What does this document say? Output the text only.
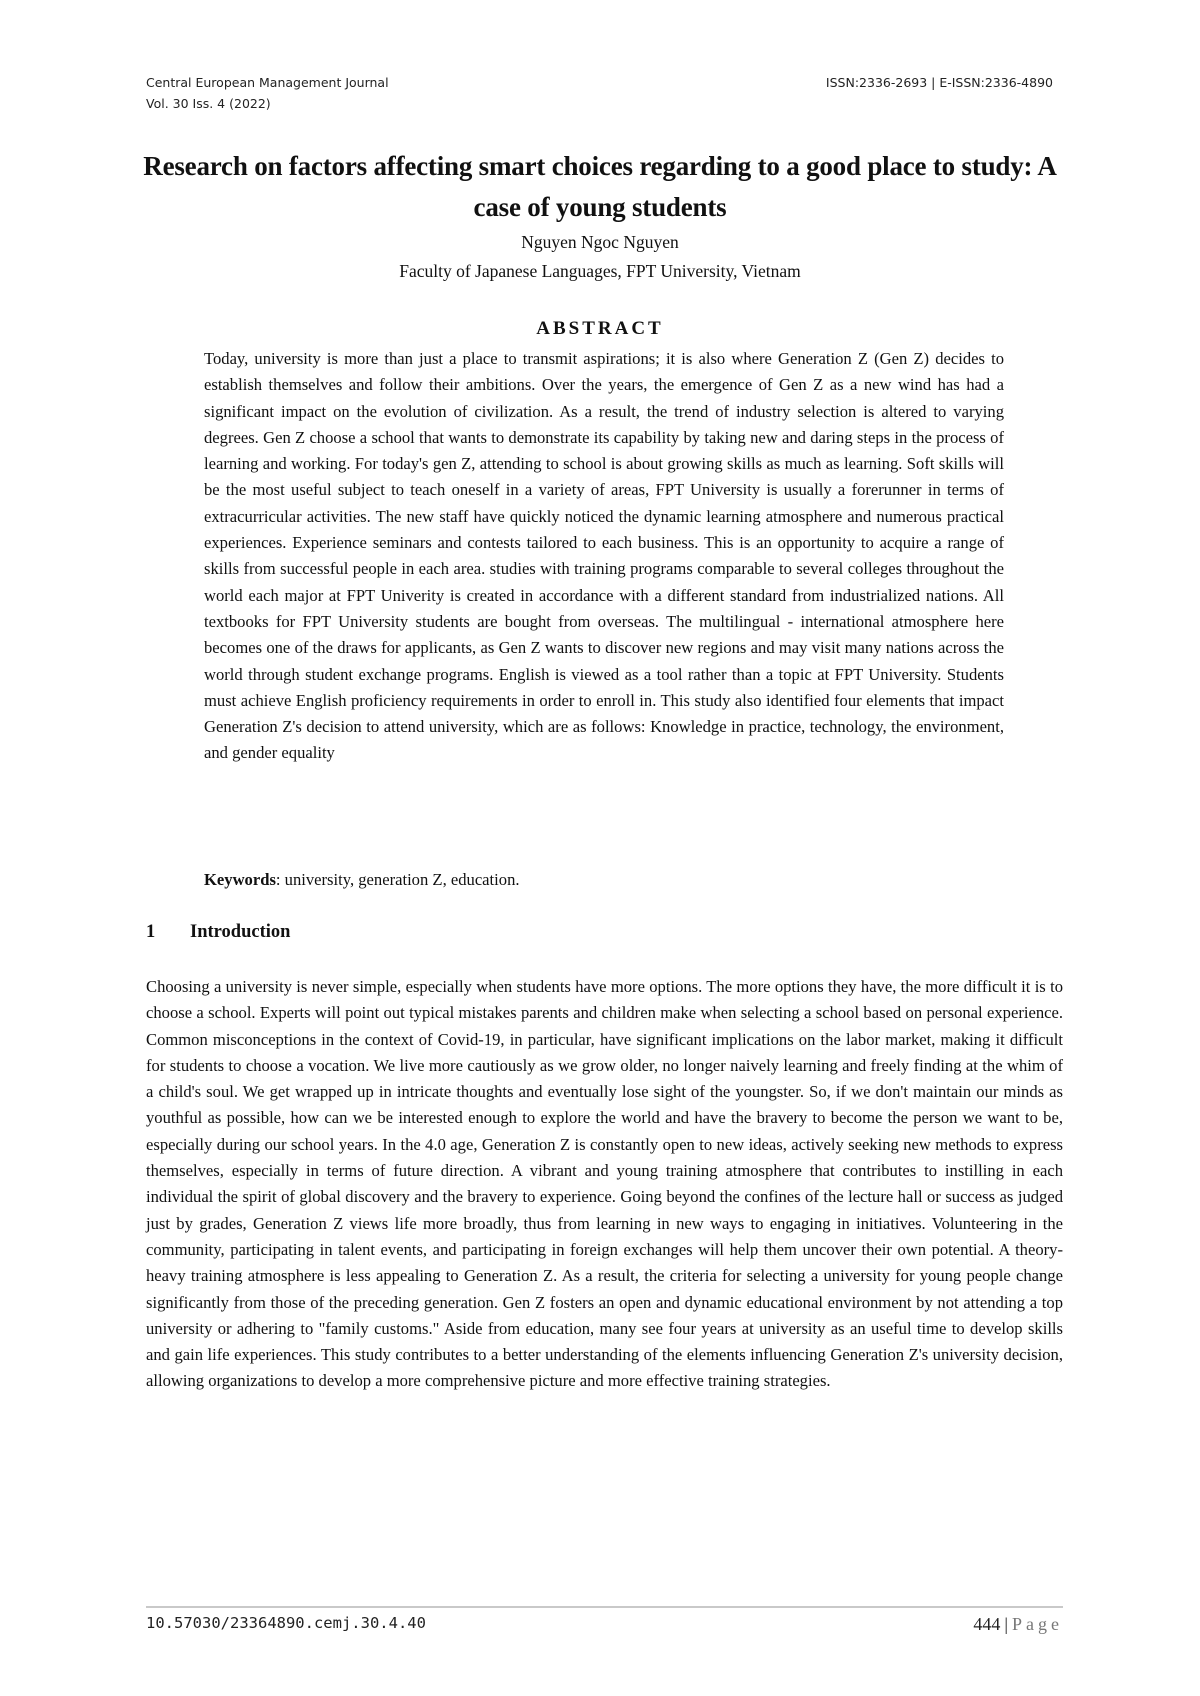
Central European Management Journal
Vol. 30 Iss. 4 (2022)
ISSN:2336-2693 | E-ISSN:2336-4890
Research on factors affecting smart choices regarding to a good place to study: A case of young students
Nguyen Ngoc Nguyen
Faculty of Japanese Languages, FPT University, Vietnam
ABSTRACT

Today, university is more than just a place to transmit aspirations; it is also where Generation Z (Gen Z) decides to establish themselves and follow their ambitions. Over the years, the emergence of Gen Z as a new wind has had a significant impact on the evolution of civilization. As a result, the trend of industry selection is altered to varying degrees. Gen Z choose a school that wants to demonstrate its capability by taking new and daring steps in the process of learning and working. For today's gen Z, attending to school is about growing skills as much as learning. Soft skills will be the most useful subject to teach oneself in a variety of areas, FPT University is usually a forerunner in terms of extracurricular activities. The new staff have quickly noticed the dynamic learning atmosphere and numerous practical experiences. Experience seminars and contests tailored to each business. This is an opportunity to acquire a range of skills from successful people in each area. studies with training programs comparable to several colleges throughout the world each major at FPT Univerity is created in accordance with a different standard from industrialized nations. All textbooks for FPT University students are bought from overseas. The multilingual - international atmosphere here becomes one of the draws for applicants, as Gen Z wants to discover new regions and may visit many nations across the world through student exchange programs. English is viewed as a tool rather than a topic at FPT University. Students must achieve English proficiency requirements in order to enroll in. This study also identified four elements that impact Generation Z's decision to attend university, which are as follows: Knowledge in practice, technology, the environment, and gender equality

Keywords: university, generation Z, education.

1 Introduction

Choosing a university is never simple, especially when students have more options. The more options they have, the more difficult it is to choose a school. Experts will point out typical mistakes parents and children make when selecting a school based on personal experience. Common misconceptions in the context of Covid-19, in particular, have significant implications on the labor market, making it difficult for students to choose a vocation. We live more cautiously as we grow older, no longer naively learning and freely finding at the whim of a child's soul. We get wrapped up in intricate thoughts and eventually lose sight of the youngster. So, if we don't maintain our minds as youthful as possible, how can we be interested enough to explore the world and have the bravery to become the person we want to be, especially during our school years. In the 4.0 age, Generation Z is constantly open to new ideas, actively seeking new methods to express themselves, especially in terms of future direction. A vibrant and young training atmosphere that contributes to instilling in each individual the spirit of global discovery and the bravery to experience. Going beyond the confines of the lecture hall or success as judged just by grades, Generation Z views life more broadly, thus from learning in new ways to engaging in initiatives. Volunteering in the community, participating in talent events, and participating in foreign exchanges will help them uncover their own potential. A theory-heavy training atmosphere is less appealing to Generation Z. As a result, the criteria for selecting a university for young people change significantly from those of the preceding generation. Gen Z fosters an open and dynamic educational environment by not attending a top university or adhering to "family customs." Aside from education, many see four years at university as an useful time to develop skills and gain life experiences. This study contributes to a better understanding of the elements influencing Generation Z's university decision, allowing organizations to develop a more comprehensive picture and more effective training strategies.

10.57030/23364890.cemj.30.4.40	444 | Page
